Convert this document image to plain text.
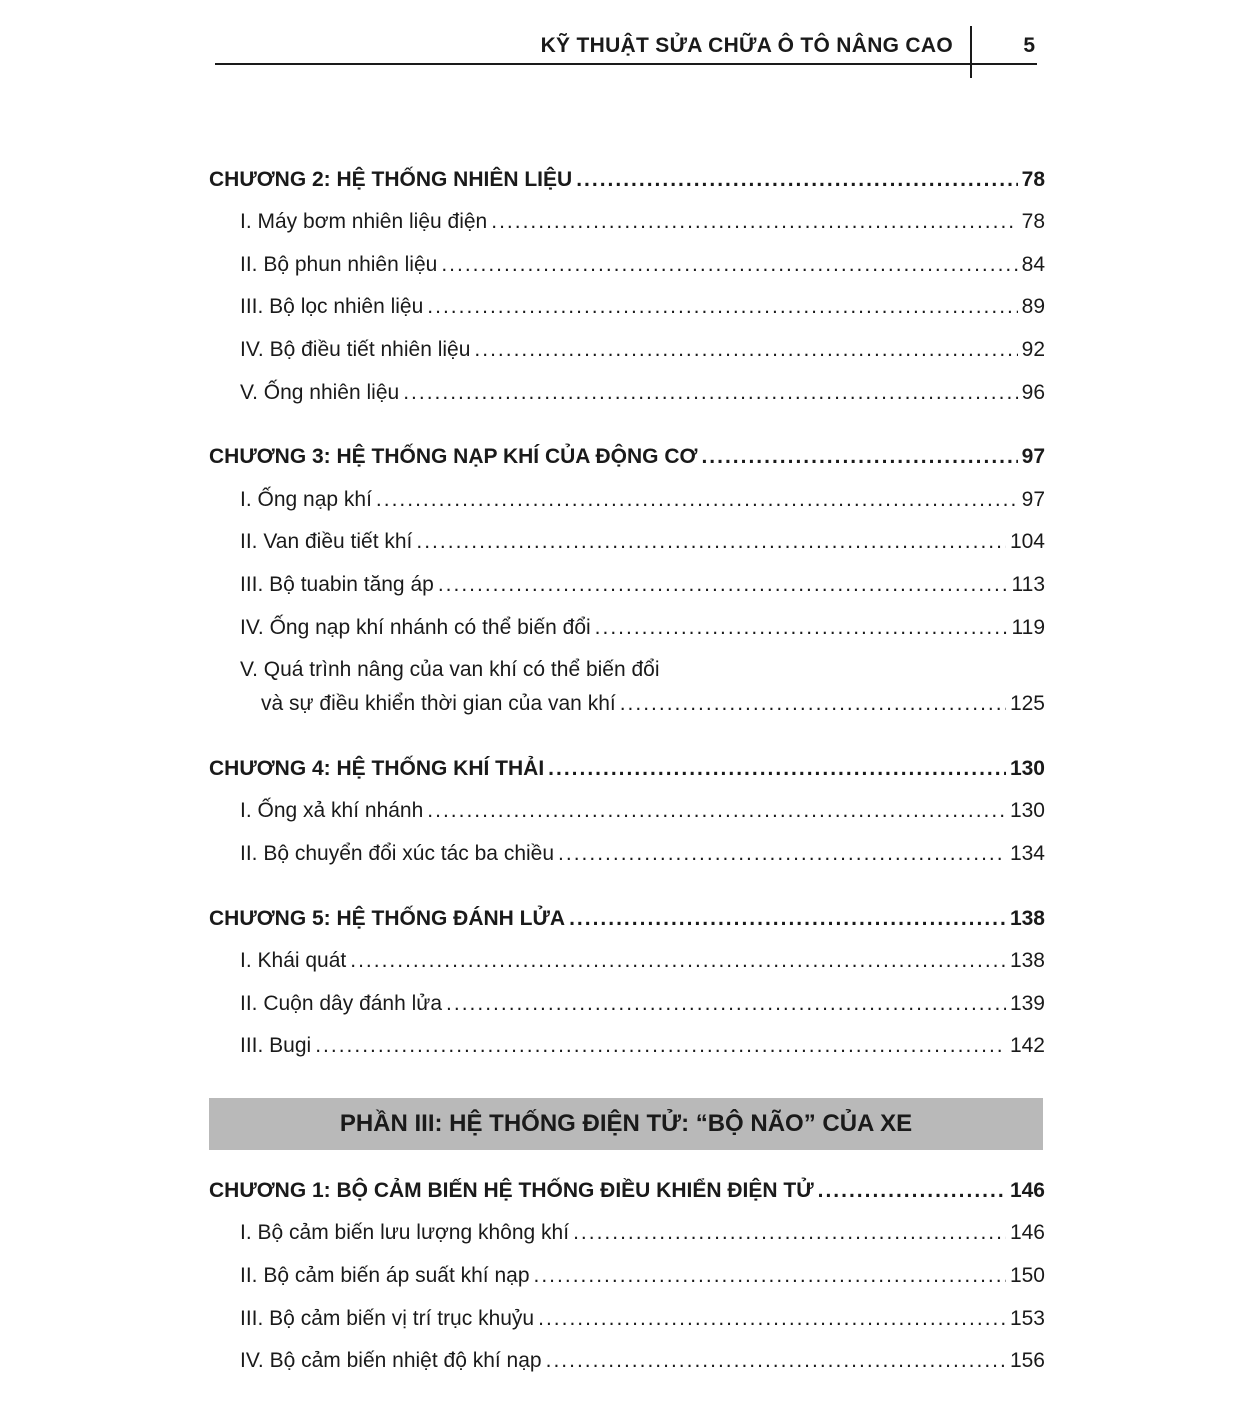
KỸ THUẬT SỬA CHỮA Ô TÔ NÂNG CAO	5
CHƯƠNG 2: HỆ THỐNG NHIÊN LIỆU .....	78
I. Máy bơm nhiên liệu điện .....	78
II. Bộ phun nhiên liệu .....	84
III. Bộ lọc nhiên liệu .....	89
IV. Bộ điều tiết nhiên liệu .....	92
V. Ống nhiên liệu .....	96
CHƯƠNG 3: HỆ THỐNG NẠP KHÍ CỦA ĐỘNG CƠ .....	97
I. Ống nạp khí .....	97
II. Van điều tiết khí .....	104
III. Bộ tuabin tăng áp .....	113
IV. Ống nạp khí nhánh có thể biến đổi .....	119
V. Quá trình nâng của van khí có thể biến đổi
và sự điều khiển thời gian của van khí .....	125
CHƯƠNG 4: HỆ THỐNG KHÍ THẢI .....	130
I. Ống xả khí nhánh .....	130
II. Bộ chuyển đổi xúc tác ba chiều .....	134
CHƯƠNG 5: HỆ THỐNG ĐÁNH LỬA .....	138
I. Khái quát .....	138
II. Cuộn dây đánh lửa .....	139
III. Bugi .....	142
PHẦN III: HỆ THỐNG ĐIỆN TỬ: “BỘ NÃO” CỦA XE
CHƯƠNG 1: BỘ CẢM BIẾN HỆ THỐNG ĐIỀU KHIỂN ĐIỆN TỬ .....	146
I. Bộ cảm biến lưu lượng không khí .....	146
II. Bộ cảm biến áp suất khí nạp .....	150
III. Bộ cảm biến vị trí trục khuỷu .....	153
IV. Bộ cảm biến nhiệt độ khí nạp .....	156
